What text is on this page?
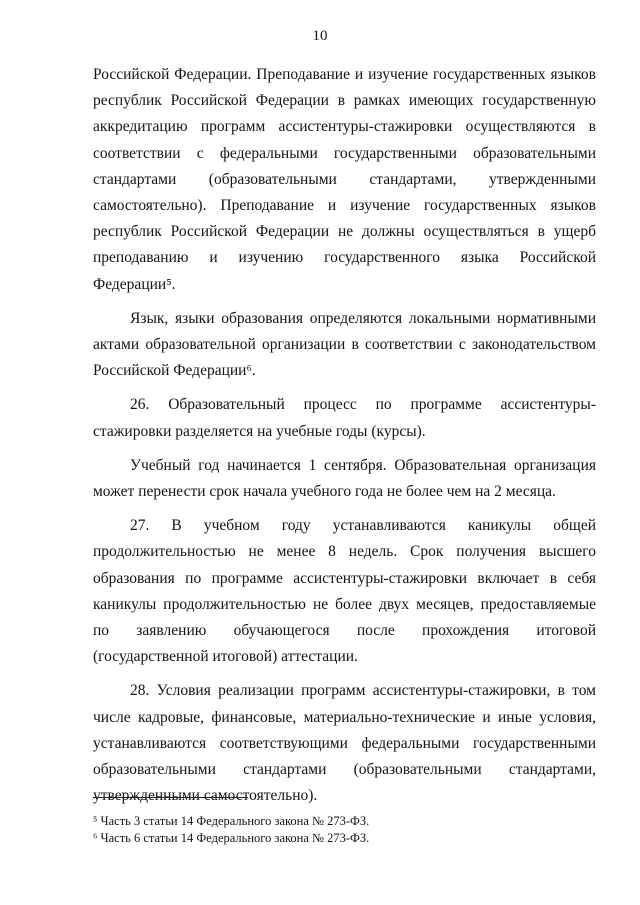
10

Российской Федерации. Преподавание и изучение государственных языков республик Российской Федерации в рамках имеющих государственную аккредитацию программ ассистентуры-стажировки осуществляются в соответствии с федеральными государственными образовательными стандартами (образовательными стандартами, утвержденными самостоятельно). Преподавание и изучение государственных языков республик Российской Федерации не должны осуществляться в ущерб преподаванию и изучению государственного языка Российской Федерации⁵.

Язык, языки образования определяются локальными нормативными актами образовательной организации в соответствии с законодательством Российской Федерации⁶.

26. Образовательный процесс по программе ассистентуры-стажировки разделяется на учебные годы (курсы).

Учебный год начинается 1 сентября. Образовательная организация может перенести срок начала учебного года не более чем на 2 месяца.

27. В учебном году устанавливаются каникулы общей продолжительностью не менее 8 недель. Срок получения высшего образования по программе ассистентуры-стажировки включает в себя каникулы продолжительностью не более двух месяцев, предоставляемые по заявлению обучающегося после прохождения итоговой (государственной итоговой) аттестации.

28. Условия реализации программ ассистентуры-стажировки, в том числе кадровые, финансовые, материально-технические и иные условия, устанавливаются соответствующими федеральными государственными образовательными стандартами (образовательными стандартами, утвержденными самостоятельно).

⁵ Часть 3 статьи 14 Федерального закона № 273-ФЗ.

⁶ Часть 6 статьи 14 Федерального закона № 273-ФЗ.
